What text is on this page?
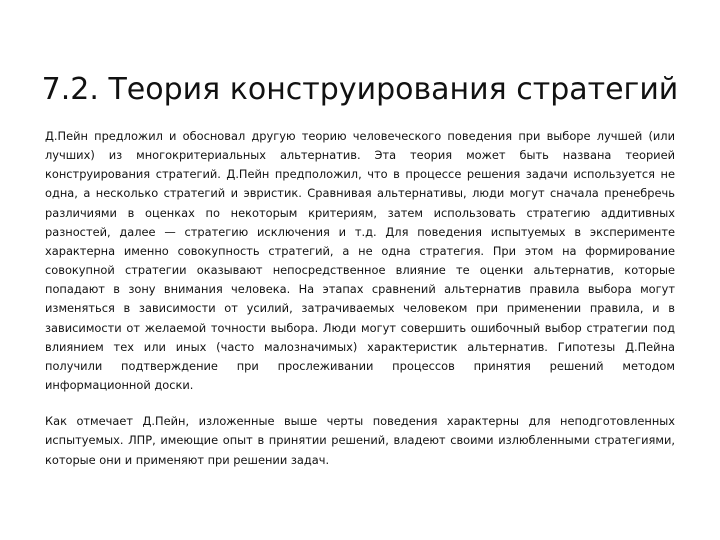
7.2. Теория конструирования стратегий

Д.Пейн предложил и обосновал другую теорию человеческого поведения при выборе лучшей (или лучших) из многокритериальных альтернатив. Эта теория может быть названа теорией конструирования стратегий. Д.Пейн предположил, что в процессе решения задачи используется не одна, а несколько стратегий и эвристик. Сравнивая альтернативы, люди могут сначала пренебречь различиями в оценках по некоторым критериям, затем использовать стратегию аддитивных разностей, далее — стратегию исключения и т.д. Для поведения испытуемых в эксперименте характерна именно совокупность стратегий, а не одна стратегия. При этом на формирование совокупной стратегии оказывают непосредственное влияние те оценки альтернатив, которые попадают в зону внимания человека. На этапах сравнений альтернатив правила выбора могут изменяться в зависимости от усилий, затрачиваемых человеком при применении правила, и в зависимости от желаемой точности выбора. Люди могут совершить ошибочный выбор стратегии под влиянием тех или иных (часто малозначимых) характеристик альтернатив. Гипотезы Д.Пейна получили подтверждение при прослеживании процессов принятия решений методом информационной доски.

Как отмечает Д.Пейн, изложенные выше черты поведения характерны для неподготовленных испытуемых. ЛПР, имеющие опыт в принятии решений, владеют своими излюбленными стратегиями, которые они и применяют при решении задач.
